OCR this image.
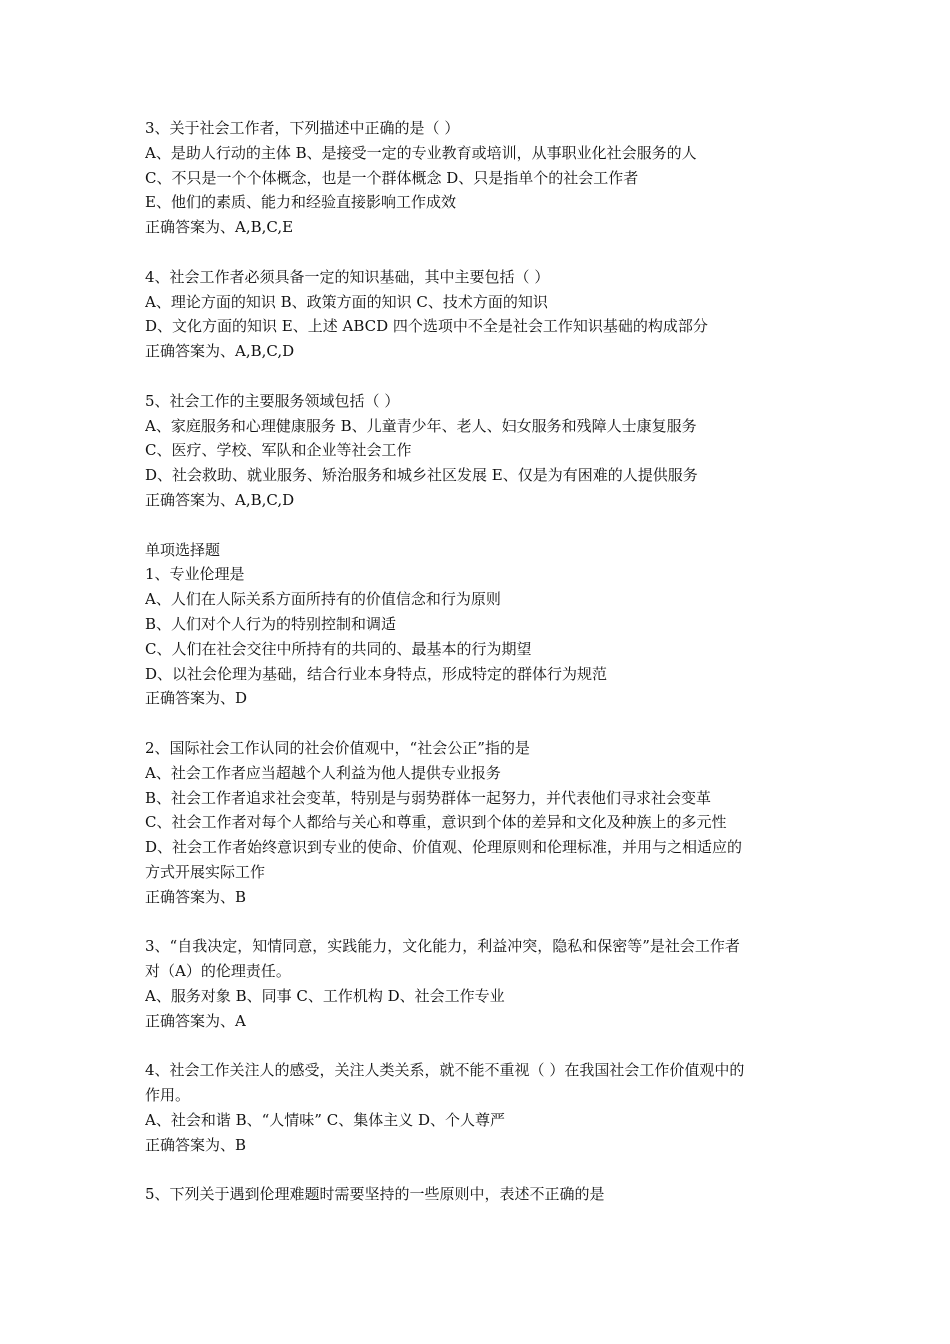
3、关于社会工作者，下列描述中正确的是（ ）
A、是助人行动的主体 B、是接受一定的专业教育或培训，从事职业化社会服务的人
C、不只是一个个体概念，也是一个群体概念 D、只是指单个的社会工作者
E、他们的素质、能力和经验直接影响工作成效
正确答案为、A,B,C,E
4、社会工作者必须具备一定的知识基础，其中主要包括（ ）
A、理论方面的知识 B、政策方面的知识 C、技术方面的知识
D、文化方面的知识 E、上述 ABCD 四个选项中不全是社会工作知识基础的构成部分
正确答案为、A,B,C,D
5、社会工作的主要服务领域包括（ ）
A、家庭服务和心理健康服务 B、儿童青少年、老人、妇女服务和残障人士康复服务
C、医疗、学校、军队和企业等社会工作
D、社会救助、就业服务、矫治服务和城乡社区发展 E、仅是为有困难的人提供服务
正确答案为、A,B,C,D
单项选择题
1、专业伦理是
A、人们在人际关系方面所持有的价值信念和行为原则
B、人们对个人行为的特别控制和调适
C、人们在社会交往中所持有的共同的、最基本的行为期望
D、以社会伦理为基础，结合行业本身特点，形成特定的群体行为规范
正确答案为、D
2、国际社会工作认同的社会价值观中，“社会公正”指的是
A、社会工作者应当超越个人利益为他人提供专业报务
B、社会工作者追求社会变革，特别是与弱势群体一起努力，并代表他们寻求社会变革
C、社会工作者对每个人都给与关心和尊重，意识到个体的差异和文化及种族上的多元性
D、社会工作者始终意识到专业的使命、价值观、伦理原则和伦理标准，并用与之相适应的
方式开展实际工作
正确答案为、B
3、“自我决定，知情同意，实践能力，文化能力，利益冲突，隐私和保密等”是社会工作者
对（A）的伦理责任。
A、服务对象 B、同事 C、工作机构 D、社会工作专业
正确答案为、A
4、社会工作关注人的感受，关注人类关系，就不能不重视（ ）在我国社会工作价值观中的
作用。
A、社会和谐 B、“人情味” C、集体主义 D、个人尊严
正确答案为、B
5、下列关于遇到伦理难题时需要坚持的一些原则中，表述不正确的是
